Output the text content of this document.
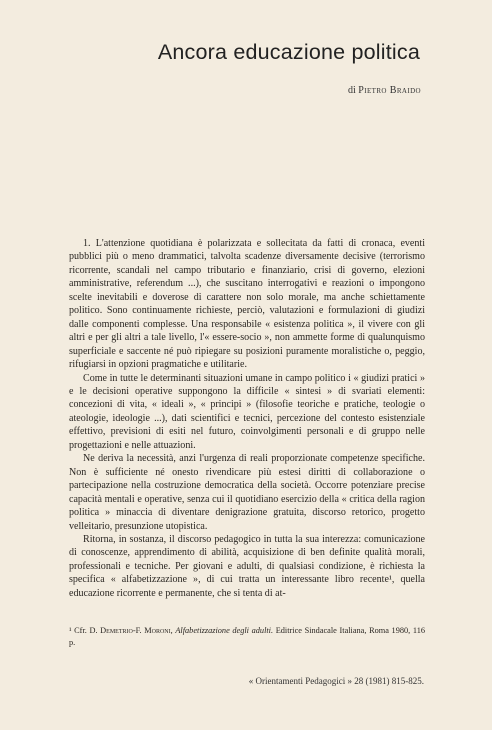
Ancora educazione politica
di Pietro Braido

1. L'attenzione quotidiana è polarizzata e sollecitata da fatti di cronaca, eventi pubblici più o meno drammatici, talvolta scadenze diversamente decisive (terrorismo ricorrente, scandali nel campo tributario e finanziario, crisi di governo, elezioni amministrative, referendum ...), che suscitano interrogativi e reazioni o impongono scelte inevitabili e doverose di carattere non solo morale, ma anche schiettamente politico. Sono continuamente richieste, perciò, valutazioni e formulazioni di giudizi dalle componenti complesse. Una responsabile « esistenza politica », il vivere con gli altri e per gli altri a tale livello, l'« essere-socio », non ammette forme di qualunquismo superficiale e saccente né può ripiegare su posizioni puramente moralistiche o, peggio, rifugiarsi in opzioni pragmatiche e utilitarie.

Come in tutte le determinanti situazioni umane in campo politico i « giudizi pratici » e le decisioni operative suppongono la difficile « sintesi » di svariati elementi: concezioni di vita, « ideali », « principi » (filosofie teoriche e pratiche, teologie o ateologie, ideologie ...), dati scientifici e tecnici, percezione del contesto esistenziale effettivo, previsioni di esiti nel futuro, coinvolgimenti personali e di gruppo nelle progettazioni e nelle attuazioni.

Ne deriva la necessità, anzi l'urgenza di reali proporzionate competenze specifiche. Non è sufficiente né onesto rivendicare più estesi diritti di collaborazione o partecipazione nella costruzione democratica della società. Occorre potenziare precise capacità mentali e operative, senza cui il quotidiano esercizio della « critica della ragion politica » minaccia di diventare denigrazione gratuita, discorso retorico, progetto velleitario, presunzione utopistica.

Ritorna, in sostanza, il discorso pedagogico in tutta la sua interezza: comunicazione di conoscenze, apprendimento di abilità, acquisizione di ben definite qualità morali, professionali e tecniche. Per giovani e adulti, di qualsiasi condizione, è richiesta la specifica « alfabetizzazione », di cui tratta un interessante libro recente¹, quella educazione ricorrente e permanente, che si tenta di at-

¹ Cfr. D. Demetrio-F. Moroni, Alfabetizzazione degli adulti. Editrice Sindacale Italiana, Roma 1980, 116 p.
« Orientamenti Pedagogici » 28 (1981) 815-825.
